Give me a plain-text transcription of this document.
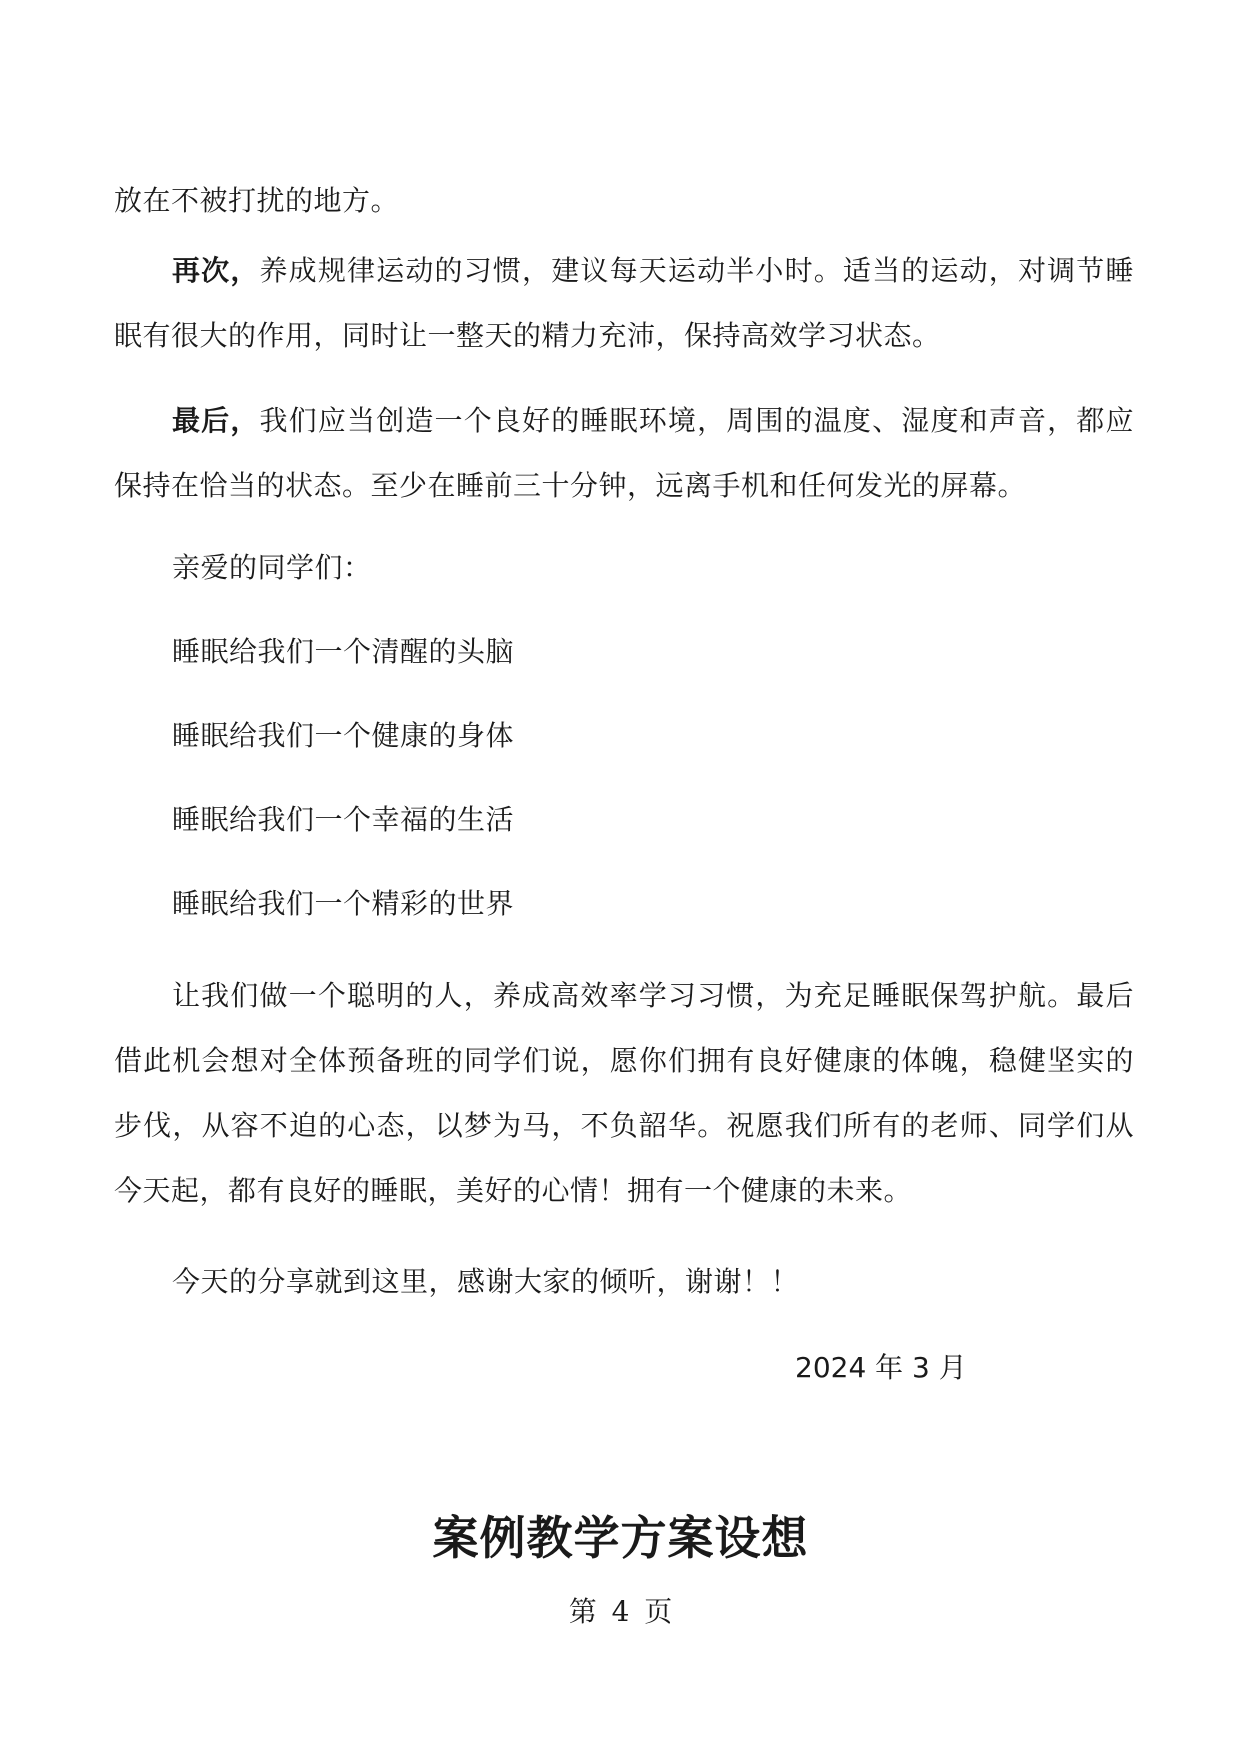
放在不被打扰的地方。

再次，养成规律运动的习惯，建议每天运动半小时。适当的运动，对调节睡眠有很大的作用，同时让一整天的精力充沛，保持高效学习状态。

最后，我们应当创造一个良好的睡眠环境，周围的温度、湿度和声音，都应保持在恰当的状态。至少在睡前三十分钟，远离手机和任何发光的屏幕。

亲爱的同学们：
睡眠给我们一个清醒的头脑
睡眠给我们一个健康的身体
睡眠给我们一个幸福的生活
睡眠给我们一个精彩的世界

让我们做一个聪明的人，养成高效率学习习惯，为充足睡眠保驾护航。最后借此机会想对全体预备班的同学们说，愿你们拥有良好健康的体魄，稳健坚实的步伐，从容不迫的心态，以梦为马，不负韶华。祝愿我们所有的老师、同学们从今天起，都有良好的睡眠，美好的心情！拥有一个健康的未来。

今天的分享就到这里，感谢大家的倾听，谢谢！！
2024 年 3 月
案例教学方案设想
第 4 页
